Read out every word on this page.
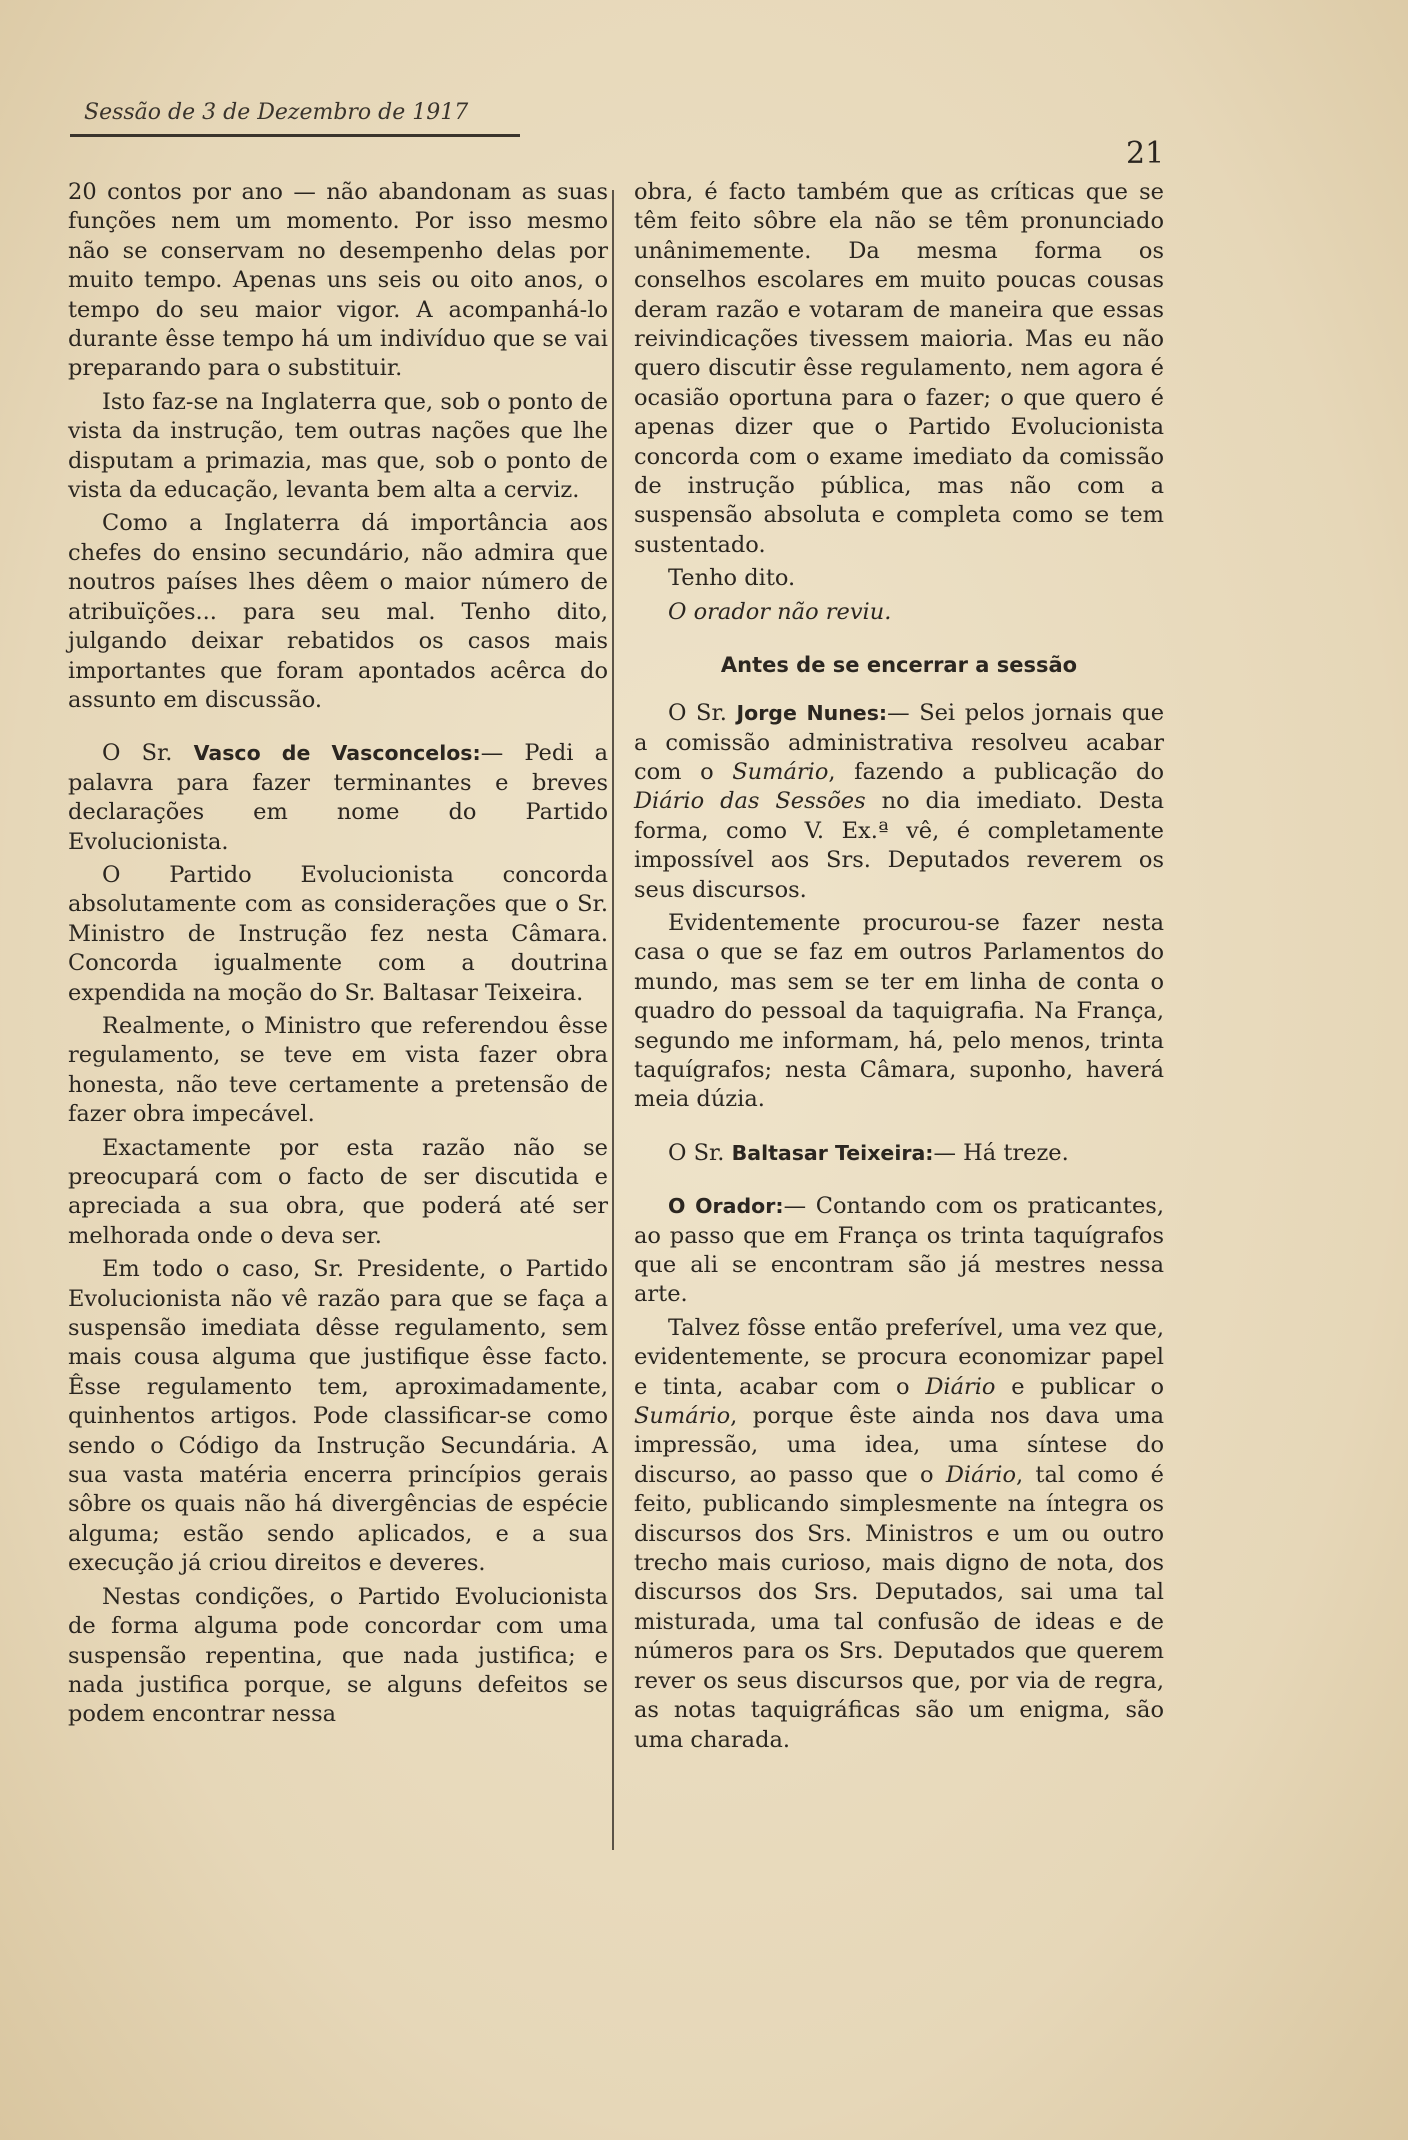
Sessão de 3 de Dezembro de 1917
21

20 contos por ano — não abandonam as suas funções nem um momento. Por isso mesmo não se conservam no desempenho delas por muito tempo. Apenas uns seis ou oito anos, o tempo do seu maior vigor. A acompanhá-lo durante êsse tempo há um indivíduo que se vai preparando para o substituir.

Isto faz-se na Inglaterra que, sob o ponto de vista da instrução, tem outras nações que lhe disputam a primazia, mas que, sob o ponto de vista da educação, levanta bem alta a cerviz.

Como a Inglaterra dá importância aos chefes do ensino secundário, não admira que noutros países lhes dêem o maior número de atribuïções... para seu mal. Tenho dito, julgando deixar rebatidos os casos mais importantes que foram apontados acêrca do assunto em discussão.

O Sr. Vasco de Vasconcelos:— Pedi a palavra para fazer terminantes e breves declarações em nome do Partido Evolucionista.

O Partido Evolucionista concorda absolutamente com as considerações que o Sr. Ministro de Instrução fez nesta Câmara. Concorda igualmente com a doutrina expendida na moção do Sr. Baltasar Teixeira.

Realmente, o Ministro que referendou êsse regulamento, se teve em vista fazer obra honesta, não teve certamente a pretensão de fazer obra impecável.

Exactamente por esta razão não se preocupará com o facto de ser discutida e apreciada a sua obra, que poderá até ser melhorada onde o deva ser.

Em todo o caso, Sr. Presidente, o Partido Evolucionista não vê razão para que se faça a suspensão imediata dêsse regulamento, sem mais cousa alguma que justifique êsse facto. Êsse regulamento tem, aproximadamente, quinhentos artigos. Pode classificar-se como sendo o Código da Instrução Secundária. A sua vasta matéria encerra princípios gerais sôbre os quais não há divergências de espécie alguma; estão sendo aplicados, e a sua execução já criou direitos e deveres.

Nestas condições, o Partido Evolucionista de forma alguma pode concordar com uma suspensão repentina, que nada justifica; e nada justifica porque, se alguns defeitos se podem encontrar nessa

obra, é facto também que as críticas que se têm feito sôbre ela não se têm pronunciado unânimemente. Da mesma forma os conselhos escolares em muito poucas cousas deram razão e votaram de maneira que essas reivindicações tivessem maioria. Mas eu não quero discutir êsse regulamento, nem agora é ocasião oportuna para o fazer; o que quero é apenas dizer que o Partido Evolucionista concorda com o exame imediato da comissão de instrução pública, mas não com a suspensão absoluta e completa como se tem sustentado.

Tenho dito.

O orador não reviu.

Antes de se encerrar a sessão

O Sr. Jorge Nunes:— Sei pelos jornais que a comissão administrativa resolveu acabar com o Sumário, fazendo a publicação do Diário das Sessões no dia imediato. Desta forma, como V. Ex.ª vê, é completamente impossível aos Srs. Deputados reverem os seus discursos.

Evidentemente procurou-se fazer nesta casa o que se faz em outros Parlamentos do mundo, mas sem se ter em linha de conta o quadro do pessoal da taquigrafia. Na França, segundo me informam, há, pelo menos, trinta taquígrafos; nesta Câmara, suponho, haverá meia dúzia.

O Sr. Baltasar Teixeira:— Há treze.

O Orador:— Contando com os praticantes, ao passo que em França os trinta taquígrafos que ali se encontram são já mestres nessa arte.

Talvez fôsse então preferível, uma vez que, evidentemente, se procura economizar papel e tinta, acabar com o Diário e publicar o Sumário, porque êste ainda nos dava uma impressão, uma idea, uma síntese do discurso, ao passo que o Diário, tal como é feito, publicando simplesmente na íntegra os discursos dos Srs. Ministros e um ou outro trecho mais curioso, mais digno de nota, dos discursos dos Srs. Deputados, sai uma tal misturada, uma tal confusão de ideas e de números para os Srs. Deputados que querem rever os seus discursos que, por via de regra, as notas taquigráficas são um enigma, são uma charada.
